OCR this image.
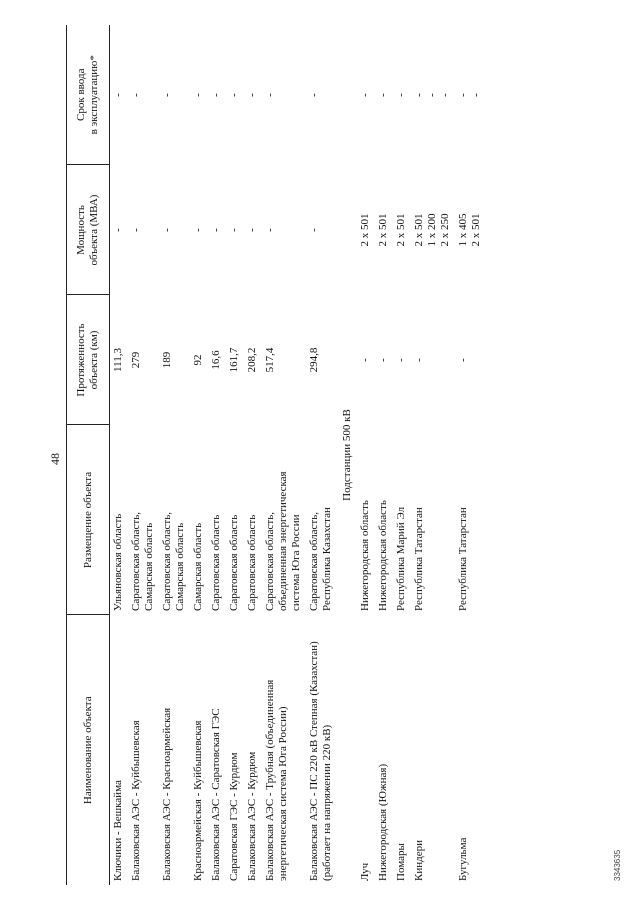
48
Наименование объекта	Размещение объекта	Протяженность объекта (км)	Мощность объекта (МВА)	Срок ввода в эксплуатацию*

Ключики - Вешкайма	Ульяновская область	111,3	-	-

Балаковская АЭС - Куйбышевская	Саратовская область, Самарская область	279	-	-

Балаковская АЭС - Красноармейская	Саратовская область, Самарская область	189	-	-

Красноармейская - Куйбышевская	Самарская область	92	-	-

Балаковская АЭС - Саратовская ГЭС	Саратовская область	16,6	-	-

Саратовская ГЭС - Курдюм	Саратовская область	161,7	-	-

Балаковская АЭС - Курдюм	Саратовская область	208,2	-	-

Балаковская АЭС - Трубная (объединенная энергетическая система Юга России)	Саратовская область, объединенная энергетическая система Юга России	517,4	-	-

Балаковская АЭС - ПС 220 кВ Степная (Казахстан) (работает на напряжении 220 кВ)	Саратовская область, Республика Казахстан	294,8	-	-

Подстанции 500 кВ				

Луч	Нижегородская область	-	2 х 501	-

Нижегородская (Южная)	Нижегородская область	-	2 х 501	-

Помары	Республика Марий Эл	-	2 х 501	-

Киндери	Республика Татарстан	-	2 х 501 1 х 200 2 х 250	- - -

Бугульма	Республика Татарстан	-	1 х 405 2 х 501	- -
3343635
